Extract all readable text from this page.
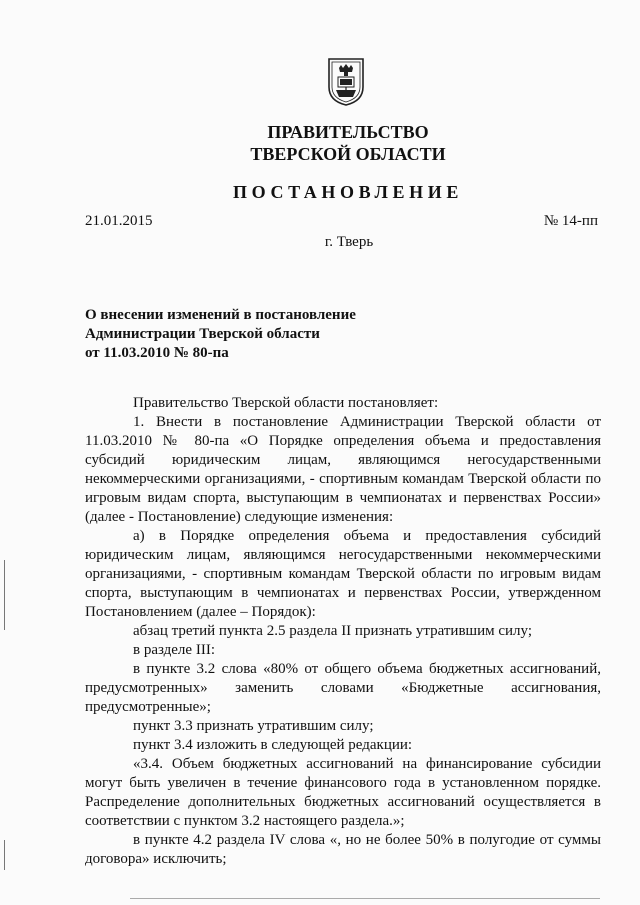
ПРАВИТЕЛЬСТВО
ТВЕРСКОЙ ОБЛАСТИ
ПОСТАНОВЛЕНИЕ
21.01.2015	№ 14-пп
г. Тверь
О внесении изменений в постановление
Администрации Тверской области
от 11.03.2010 № 80-па

Правительство Тверской области постановляет:

1. Внести в постановление Администрации Тверской области от 11.03.2010 № 80-па «О Порядке определения объема и предоставления субсидий юридическим лицам, являющимся негосударственными некоммерческими организациями, - спортивным командам Тверской области по игровым видам спорта, выступающим в чемпионатах и первенствах России» (далее - Постановление) следующие изменения:

а) в Порядке определения объема и предоставления субсидий юридическим лицам, являющимся негосударственными некоммерческими организациями, - спортивным командам Тверской области по игровым видам спорта, выступающим в чемпионатах и первенствах России, утвержденном Постановлением (далее – Порядок):

абзац третий пункта 2.5 раздела II признать утратившим силу;

в разделе III:

в пункте 3.2 слова «80% от общего объема бюджетных ассигнований, предусмотренных» заменить словами «Бюджетные ассигнования, предусмотренные»;

пункт 3.3 признать утратившим силу;

пункт 3.4 изложить в следующей редакции:

«3.4. Объем бюджетных ассигнований на финансирование субсидии могут быть увеличен в течение финансового года в установленном порядке. Распределение дополнительных бюджетных ассигнований осуществляется в соответствии с пунктом 3.2 настоящего раздела.»;

в пункте 4.2 раздела IV слова «, но не более 50% в полугодие от суммы договора» исключить;
